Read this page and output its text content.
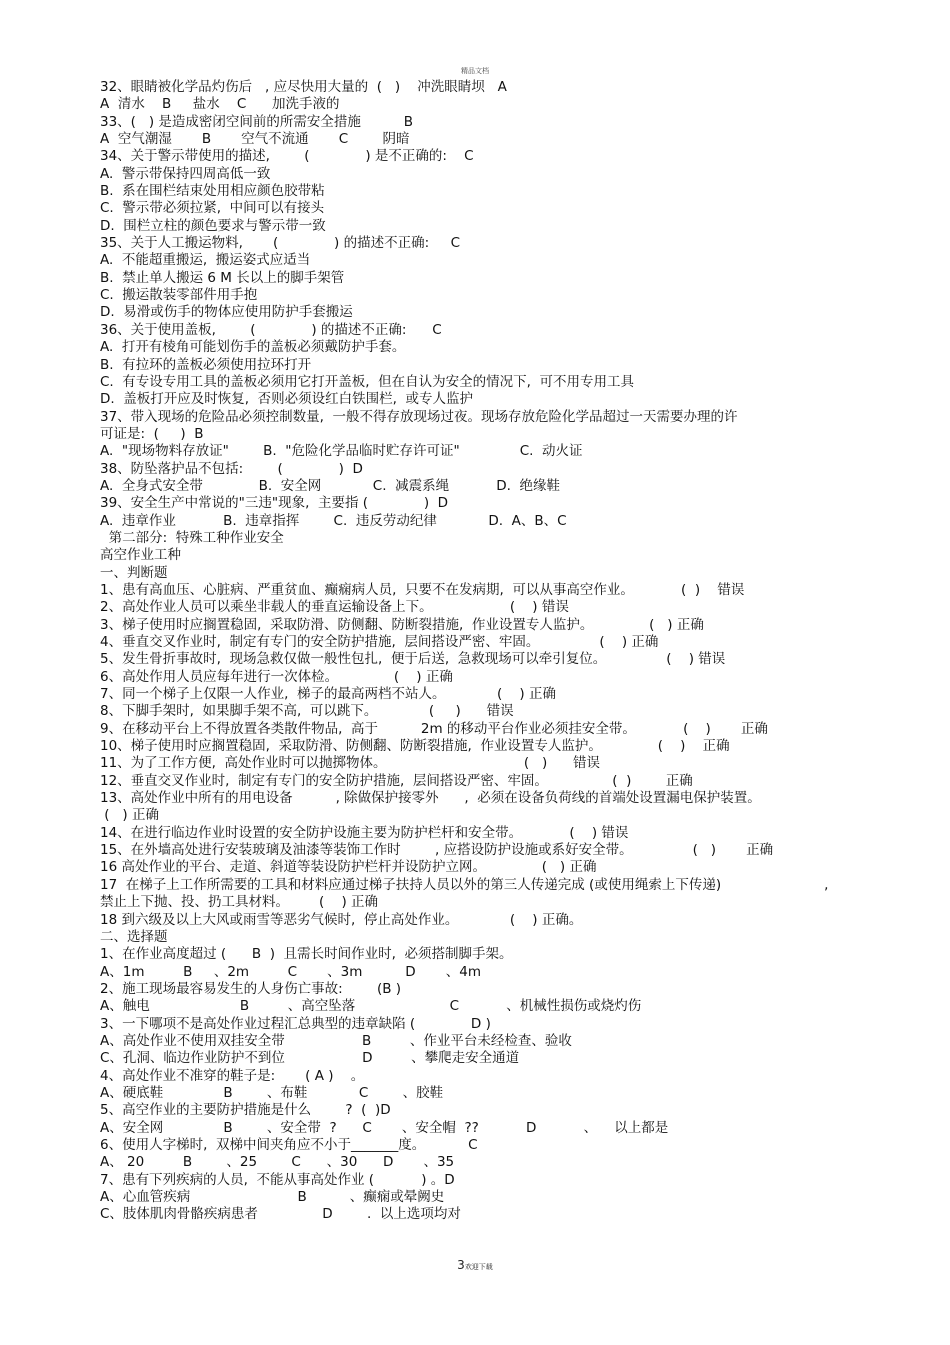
精品文档
32、眼睛被化学品灼伤后   , 应尽快用大量的  (   )    冲洗眼睛坝   A
A  清水    B     盐水    C      加洗手液的
33、(   ) 是造成密闭空间前的所需安全措施          B
A  空气潮湿       B       空气不流通       C        阴暗
34、关于警示带使用的描述,        (             ) 是不正确的:    C
A.  警示带保持四周高低一致
B.  系在围栏结束处用相应颜色胶带粘
C.  警示带必须拉紧,  中间可以有接头
D.  围栏立柱的颜色要求与警示带一致
35、关于人工搬运物料,       (             ) 的描述不正确:     C
A.  不能超重搬运,  搬运姿式应适当
B.  禁止单人搬运 6 M 长以上的脚手架管
C.  搬运散装零部件用手抱
D.  易滑或伤手的物体应使用防护手套搬运
36、关于使用盖板,        (             ) 的描述不正确:      C
A.  打开有棱角可能划伤手的盖板必须戴防护手套。
B.  有拉环的盖板必须使用拉环打开
C.  有专设专用工具的盖板必须用它打开盖板,  但在自认为安全的情况下,  可不用专用工具
D.  盖板打开应及时恢复,  否则必须设红白铁围栏,  或专人监护
37、带入现场的危险品必须控制数量,  一般不得存放现场过夜。现场存放危险化学品超过一天需要办理的许
可证是:  (     )  B
A.  "现场物料存放证"        B.  "危险化学品临时贮存许可证"              C.  动火证
38、防坠落护品不包括:        (             )  D
A.  全身式安全带             B.  安全网            C.  减震系绳           D.  绝缘鞋
39、安全生产中常说的"三违"现象,  主要指 (             )  D
A.  违章作业           B.  违章指挥        C.  违反劳动纪律            D.  A、B、C
第二部分:  特殊工种作业安全
高空作业工种
一、判断题
1、患有高血压、心脏病、严重贫血、癫痫病人员,  只要不在发病期,  可以从事高空作业。           (  )    错误
2、高处作业人员可以乘坐非载人的垂直运输设备上下。                  (    ) 错误
3、梯子使用时应搁置稳固,  采取防滑、防侧翻、防断裂措施,  作业设置专人监护。             (   ) 正确
4、垂直交叉作业时,  制定有专门的安全防护措施,  层间搭设严密、牢固。              (    ) 正确
5、发生骨折事故时,  现场急救仅做一般性包扎,  便于后送,  急救现场可以牵引复位。              (    ) 错误
6、高处作用人员应每年进行一次体检。             (    ) 正确
7、同一个梯子上仅限一人作业,  梯子的最高两档不站人。            (    ) 正确
8、下脚手架时,  如果脚手架不高,  可以跳下。            (     )      错误
9、在移动平台上不得放置各类散件物品,  高于          2m 的移动平台作业必须挂安全带。           (    )       正确
10、梯子使用时应搁置稳固,  采取防滑、防侧翻、防断裂措施,  作业设置专人监护。             (    )    正确
11、为了工作方便,  高处作业时可以抛掷物体。                                (   )      错误
12、垂直交叉作业时,  制定有专门的安全防护措施,  层间搭设严密、牢固。               (  )        正确
13、高处作业中所有的用电设备          , 除做保护接零外      ,  必须在设备负荷线的首端处设置漏电保护装置。
(   ) 正确
14、在进行临边作业时设置的安全防护设施主要为防护栏杆和安全带。           (    ) 错误
15、在外墙高处进行安装玻璃及油漆等装饰工作时        , 应搭设防护设施或系好安全带。              (   )       正确
16 高处作业的平台、走道、斜道等装设防护栏杆并设防护立网。             (   ) 正确
17  在梯子上工作所需要的工具和材料应通过梯子扶持人员以外的第三人传递完成 (或使用绳索上下传递)                        ,
禁止上下抛、投、扔工具材料。       (    ) 正确
18 到六级及以上大风或雨雪等恶劣气候时,  停止高处作业。            (    ) 正确。
二、选择题
1、在作业高度超过 (      B  )  且需长时间作业时,  必须搭制脚手架。
A、1m         B     、2m         C       、3m          D       、4m
2、施工现场最容易发生的人身伤亡事故:        (B )
A、触电                     B         、高空坠落                      C           、机械性损伤或烧灼伤
3、一下哪项不是高处作业过程汇总典型的违章缺陷 (             D )
A、高处作业不使用双挂安全带                  B         、作业平台未经检查、验收
C、孔洞、临边作业防护不到位                  D         、攀爬走安全通道
4、高处作业不准穿的鞋子是:       ( A )    。
A、硬底鞋              B        、布鞋            C        、胶鞋
5、高空作业的主要防护措施是什么        ?  (  )D
A、安全网              B        、安全带  ?      C       、安全帽  ??           D           、    以上都是
6、使用人字梯时,  双梯中间夹角应不小于_______度。          C
A、 20         B        、25        C      、30      D       、35
7、患有下列疾病的人员,  不能从事高处作业 (           ) 。D
A、心血管疾病                         B          、癫痫或晕阙史
C、肢体肌肉骨骼疾病患者               D        .  以上选项均对
3欢迎下载
